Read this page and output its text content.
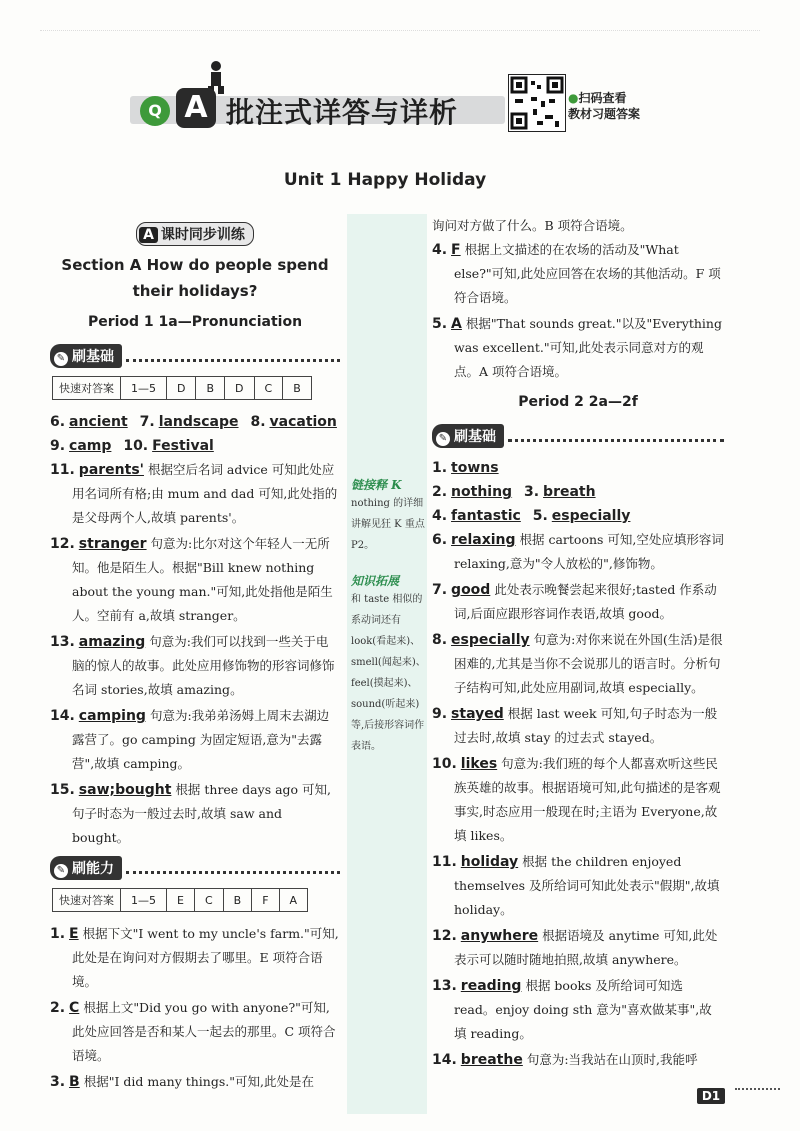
Q A 批注式详答与详析	●扫码查看
教材习题答案
Unit 1 Happy Holiday
链接释 K
nothing 的详细讲解见狂 K 重点 P2。
知识拓展
和 taste 相似的系动词还有 look(看起来)、smell(闻起来)、feel(摸起来)、sound(听起来)等,后接形容词作表语。
A 课时同步训练
Section A How do people spend
their holidays?
Period 1 1a—Pronunciation
✎ 刷基础
快速对答案	1—5	D	B	D	C	B

6. ancient 7. landscape 8. vacation

9. camp 10. Festival

11. parents' 根据空后名词 advice 可知此处应用名词所有格;由 mum and dad 可知,此处指的是父母两个人,故填 parents'。

12. stranger 句意为:比尔对这个年轻人一无所知。他是陌生人。根据"Bill knew nothing about the young man."可知,此处指他是陌生人。空前有 a,故填 stranger。

13. amazing 句意为:我们可以找到一些关于电脑的惊人的故事。此处应用修饰物的形容词修饰名词 stories,故填 amazing。

14. camping 句意为:我弟弟汤姆上周末去湖边露营了。go camping 为固定短语,意为"去露营",故填 camping。

15. saw;bought 根据 three days ago 可知,句子时态为一般过去时,故填 saw and bought。

✎ 刷能力
快速对答案	1—5	E	C	B	F	A

1. E 根据下文"I went to my uncle's farm."可知,此处是在询问对方假期去了哪里。E 项符合语境。

2. C 根据上文"Did you go with anyone?"可知,此处应回答是否和某人一起去的那里。C 项符合语境。

3. B 根据"I did many things."可知,此处是在

询问对方做了什么。B 项符合语境。

4. F 根据上文描述的在农场的活动及"What else?"可知,此处应回答在农场的其他活动。F 项符合语境。

5. A 根据"That sounds great."以及"Everything was excellent."可知,此处表示同意对方的观点。A 项符合语境。

Period 2 2a—2f
✎ 刷基础

1. towns

2. nothing 3. breath

4. fantastic 5. especially

6. relaxing 根据 cartoons 可知,空处应填形容词 relaxing,意为"令人放松的",修饰物。

7. good 此处表示晚餐尝起来很好;tasted 作系动词,后面应跟形容词作表语,故填 good。

8. especially 句意为:对你来说在外国(生活)是很困难的,尤其是当你不会说那儿的语言时。分析句子结构可知,此处应用副词,故填 especially。

9. stayed 根据 last week 可知,句子时态为一般过去时,故填 stay 的过去式 stayed。

10. likes 句意为:我们班的每个人都喜欢听这些民族英雄的故事。根据语境可知,此句描述的是客观事实,时态应用一般现在时;主语为 Everyone,故填 likes。

11. holiday 根据 the children enjoyed themselves 及所给词可知此处表示"假期",故填 holiday。

12. anywhere 根据语境及 anytime 可知,此处表示可以随时随地拍照,故填 anywhere。

13. reading 根据 books 及所给词可知选 read。enjoy doing sth 意为"喜欢做某事",故填 reading。

14. breathe 句意为:当我站在山顶时,我能呼

D1
